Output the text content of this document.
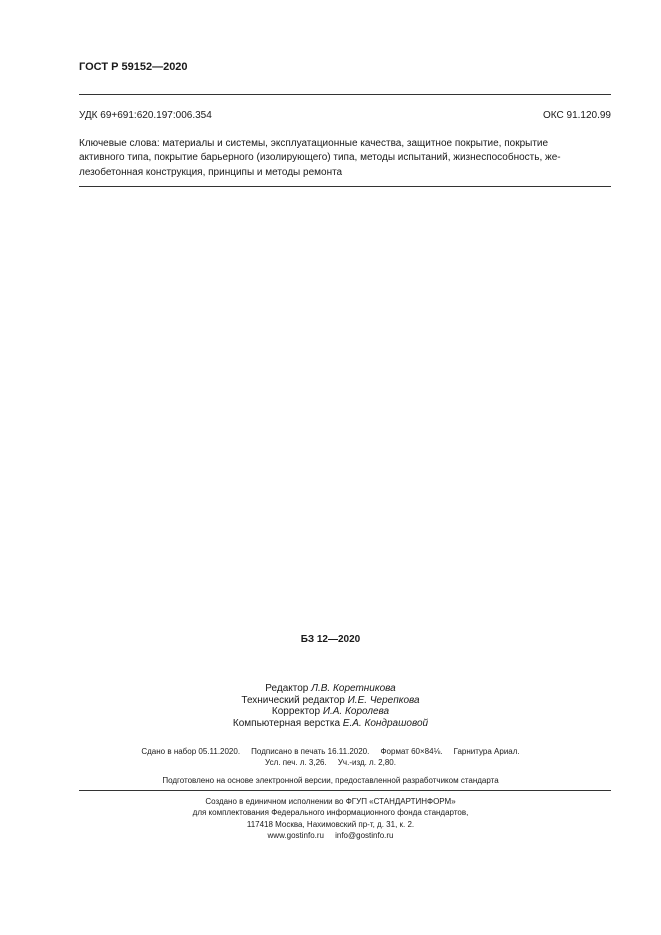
ГОСТ Р 59152—2020
УДК 69+691:620.197:006.354	ОКС 91.120.99
Ключевые слова: материалы и системы, эксплуатационные качества, защитное покрытие, покрытие
активного типа, покрытие барьерного (изолирующего) типа, методы испытаний, жизнеспособность, же-
лезобетонная конструкция, принципы и методы ремонта
БЗ 12—2020
Редактор Л.В. Коретникова
Технический редактор И.Е. Черепкова
Корректор И.А. Королева
Компьютерная верстка Е.А. Кондрашовой
Сдано в набор 05.11.2020.     Подписано в печать 16.11.2020.     Формат 60×84⅛.     Гарнитура Ариал.
Усл. печ. л. 3,26.     Уч.-изд. л. 2,80.
Подготовлено на основе электронной версии, предоставленной разработчиком стандарта
Создано в единичном исполнении во ФГУП «СТАНДАРТИНФОРМ»
для комплектования Федерального информационного фонда стандартов,
117418 Москва, Нахимовский пр-т, д. 31, к. 2.
www.gostinfo.ru     info@gostinfo.ru
